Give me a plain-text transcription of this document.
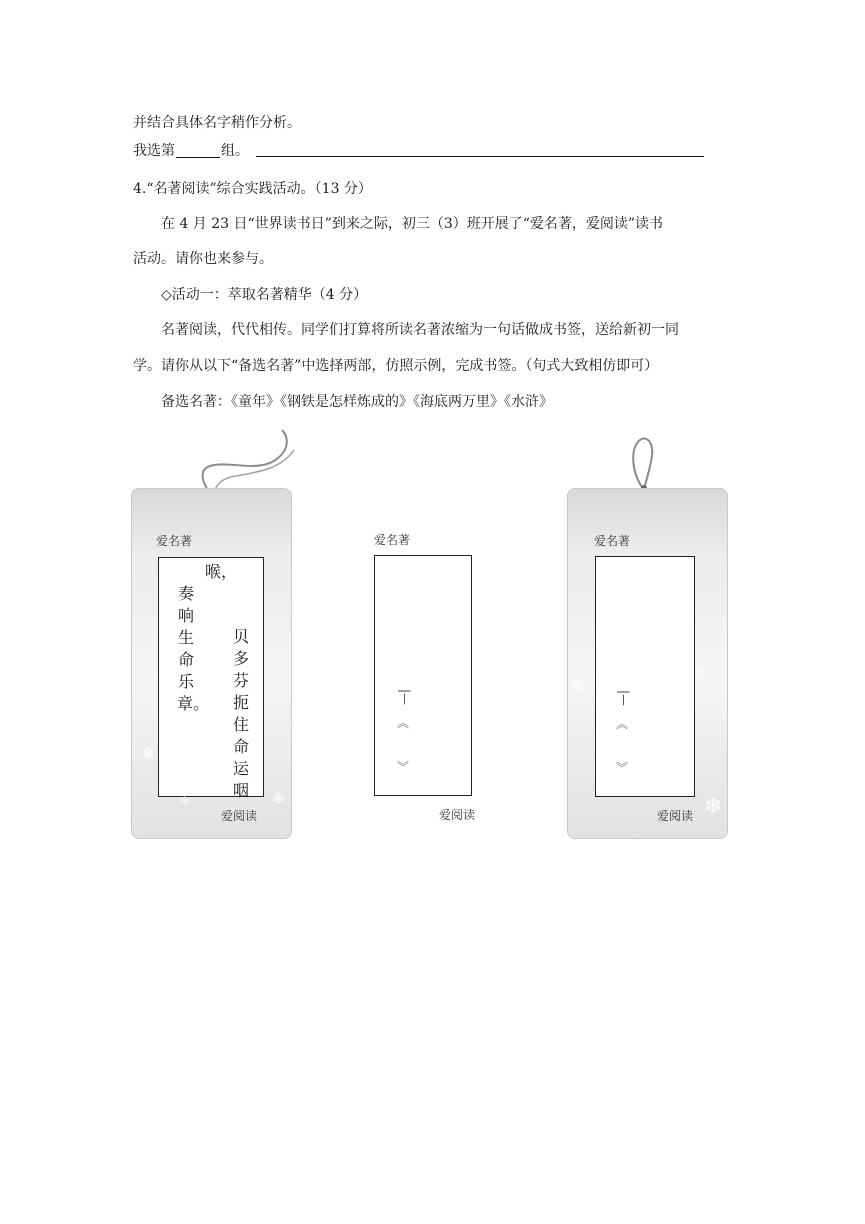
并结合具体名字稍作分析。
我选第	组。
4.“名著阅读”综合实践活动。（13 分）
在 4 月 23 日“世界读书日”到来之际，初三（3）班开展了“爱名著，爱阅读”读书
活动。请你也来参与。
◇活动一：萃取名著精华（4 分）
名著阅读，代代相传。同学们打算将所读名著浓缩为一句话做成书签，送给新初一同
学。请你从以下“备选名著”中选择两部，仿照示例，完成书签。（句式大致相仿即可）
备选名著：《童年》《钢铁是怎样炼成的》《海底两万里》《水浒》
爱名著
喉，
奏响生命乐章。
贝多芬扼住命运咽
爱阅读
❄
❄
❄
爱名著
|—
︽
︾
爱阅读
爱名著
|—
︽
︾
爱阅读
❄
❄
❄
